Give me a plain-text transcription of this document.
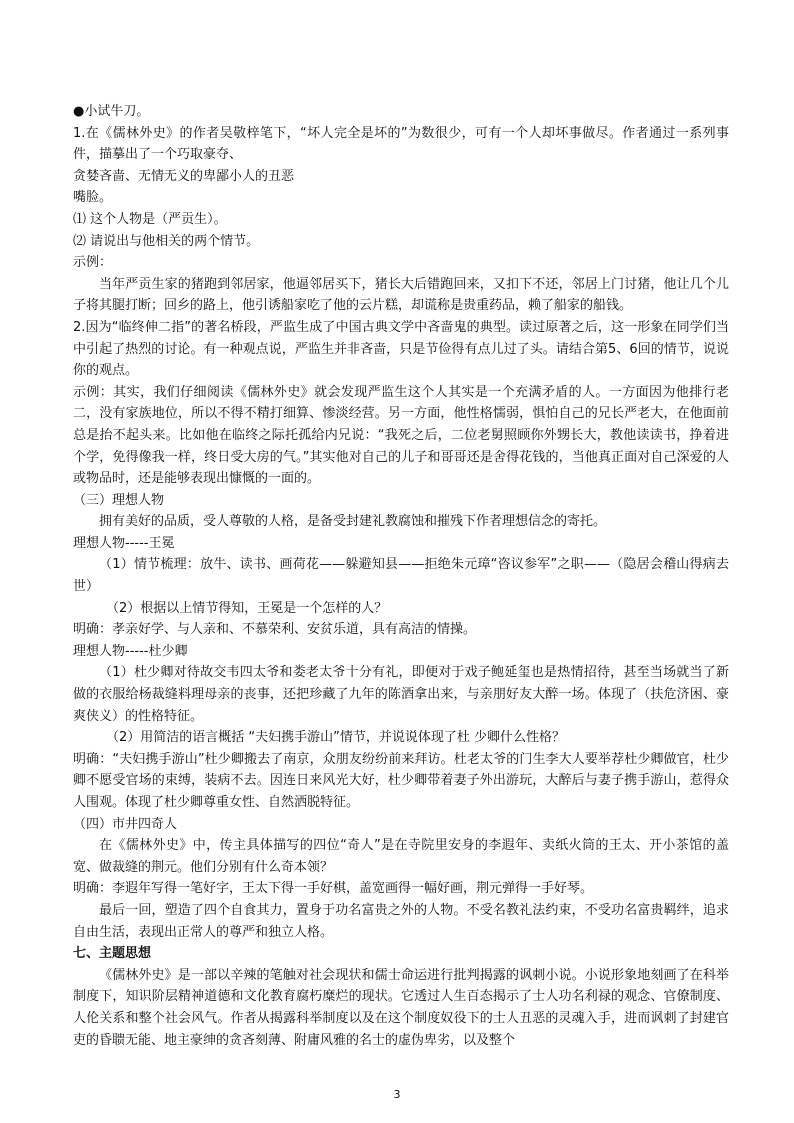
●小试牛刀。

1.在《儒林外史》的作者吴敬梓笔下，“坏人完全是坏的”为数很少，可有一个人却坏事做尽。作者通过一系列事件，描摹出了一个巧取豪夺、

贪婪吝啬、无情无义的卑鄙小人的丑恶

嘴脸。

⑴ 这个人物是（严贡生）。

⑵ 请说出与他相关的两个情节。

示例：

当年严贡生家的猪跑到邻居家，他逼邻居买下，猪长大后错跑回来，又扣下不还，邻居上门讨猪，他让几个儿子将其腿打断；回乡的路上，他引诱船家吃了他的云片糕，却谎称是贵重药品，赖了船家的船钱。

2.因为“临终伸二指”的著名桥段，严监生成了中国古典文学中吝啬鬼的典型。读过原著之后，这一形象在同学们当中引起了热烈的讨论。有一种观点说，严监生并非吝啬，只是节俭得有点儿过了头。请结合第5、6回的情节，说说你的观点。

示例：其实，我们仔细阅读《儒林外史》就会发现严监生这个人其实是一个充满矛盾的人。一方面因为他排行老二，没有家族地位，所以不得不精打细算、惨淡经营。另一方面，他性格懦弱，惧怕自己的兄长严老大，在他面前总是抬不起头来。比如他在临终之际托孤给内兄说：“我死之后，二位老舅照顾你外甥长大，教他读读书，挣着进个学，免得像我一样，终日受大房的气。”其实他对自己的儿子和哥哥还是舍得花钱的，当他真正面对自己深爱的人或物品时，还是能够表现出慷慨的一面的。

（三）理想人物

拥有美好的品质，受人尊敬的人格，是备受封建礼教腐蚀和摧残下作者理想信念的寄托。

理想人物-----王冕

（1）情节梳理：放牛、读书、画荷花——躲避知县——拒绝朱元璋“咨议参军”之职——（隐居会稽山得病去世）

（2）根据以上情节得知，王冕是一个怎样的人？

明确：孝亲好学、与人亲和、不慕荣利、安贫乐道，具有高洁的情操。

理想人物-----杜少卿

（1）杜少卿对待故交韦四太爷和娄老太爷十分有礼，即便对于戏子鲍延玺也是热情招待，甚至当场就当了新做的衣服给杨裁缝料理母亲的丧事，还把珍藏了九年的陈酒拿出来，与亲朋好友大醉一场。体现了（扶危济困、豪爽侠义）的性格特征。

（2）用简洁的语言概括 “夫妇携手游山”情节，并说说体现了杜 少卿什么性格？

明确：“夫妇携手游山”杜少卿搬去了南京，众朋友纷纷前来拜访。杜老太爷的门生李大人要举荐杜少卿做官，杜少卿不愿受官场的束缚，装病不去。因连日来风光大好，杜少卿带着妻子外出游玩，大醉后与妻子携手游山，惹得众人围观。体现了杜少卿尊重女性、自然洒脱特征。

（四）市井四奇人

在《儒林外史》中，传主具体描写的四位“奇人”是在寺院里安身的李遐年、卖纸火筒的王太、开小茶馆的盖宽、做裁缝的荆元。他们分别有什么奇本领？

明确：李遐年写得一笔好字，王太下得一手好棋，盖宽画得一幅好画，荆元弹得一手好琴。

最后一回，塑造了四个自食其力，置身于功名富贵之外的人物。不受名教礼法约束，不受功名富贵羁绊，追求自由生活，表现出正常人的尊严和独立人格。

七、主题思想

《儒林外史》是一部以辛辣的笔触对社会现状和儒士命运进行批判揭露的讽刺小说。小说形象地刻画了在科举制度下，知识阶层精神道德和文化教育腐朽糜烂的现状。它透过人生百态揭示了士人功名利禄的观念、官僚制度、人伦关系和整个社会风气。作者从揭露科举制度以及在这个制度奴役下的士人丑恶的灵魂入手，进而讽刺了封建官吏的昏聩无能、地主豪绅的贪吝刻薄、附庸风雅的名士的虚伪卑劣，以及整个

3
